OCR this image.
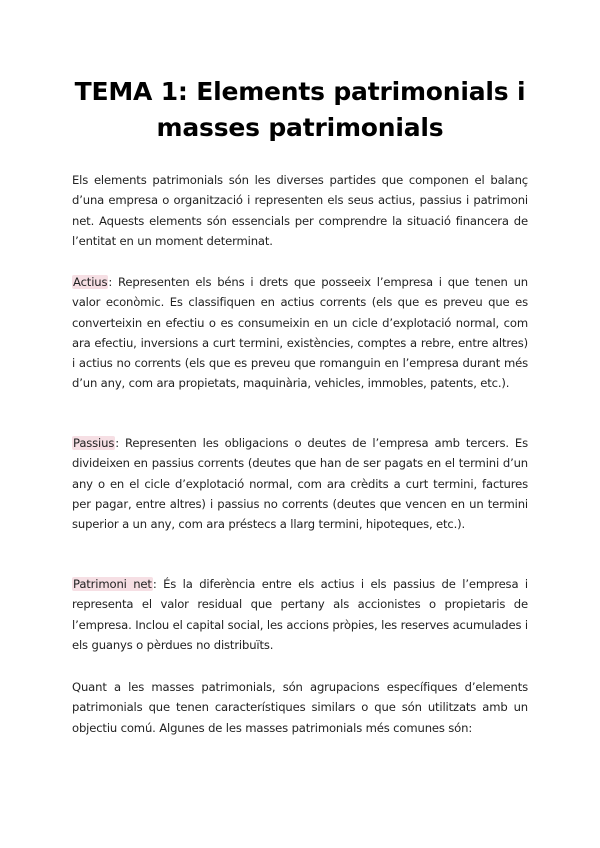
TEMA 1: Elements patrimonials i masses patrimonials

Els elements patrimonials són les diverses partides que componen el balanç d’una empresa o organització i representen els seus actius, passius i patrimoni net. Aquests elements són essencials per comprendre la situació financera de l’entitat en un moment determinat.

Actius: Representen els béns i drets que posseeix l’empresa i que tenen un valor econòmic. Es classifiquen en actius corrents (els que es preveu que es converteixin en efectiu o es consumeixin en un cicle d’explotació normal, com ara efectiu, inversions a curt termini, existències, comptes a rebre, entre altres) i actius no corrents (els que es preveu que romanguin en l’empresa durant més d’un any, com ara propietats, maquinària, vehicles, immobles, patents, etc.).

Passius: Representen les obligacions o deutes de l’empresa amb tercers. Es divideixen en passius corrents (deutes que han de ser pagats en el termini d’un any o en el cicle d’explotació normal, com ara crèdits a curt termini, factures per pagar, entre altres) i passius no corrents (deutes que vencen en un termini superior a un any, com ara préstecs a llarg termini, hipoteques, etc.).

Patrimoni net: És la diferència entre els actius i els passius de l’empresa i representa el valor residual que pertany als accionistes o propietaris de l’empresa. Inclou el capital social, les accions pròpies, les reserves acumulades i els guanys o pèrdues no distribuïts.

Quant a les masses patrimonials, són agrupacions específiques d’elements patrimonials que tenen característiques similars o que són utilitzats amb un objectiu comú. Algunes de les masses patrimonials més comunes són:
